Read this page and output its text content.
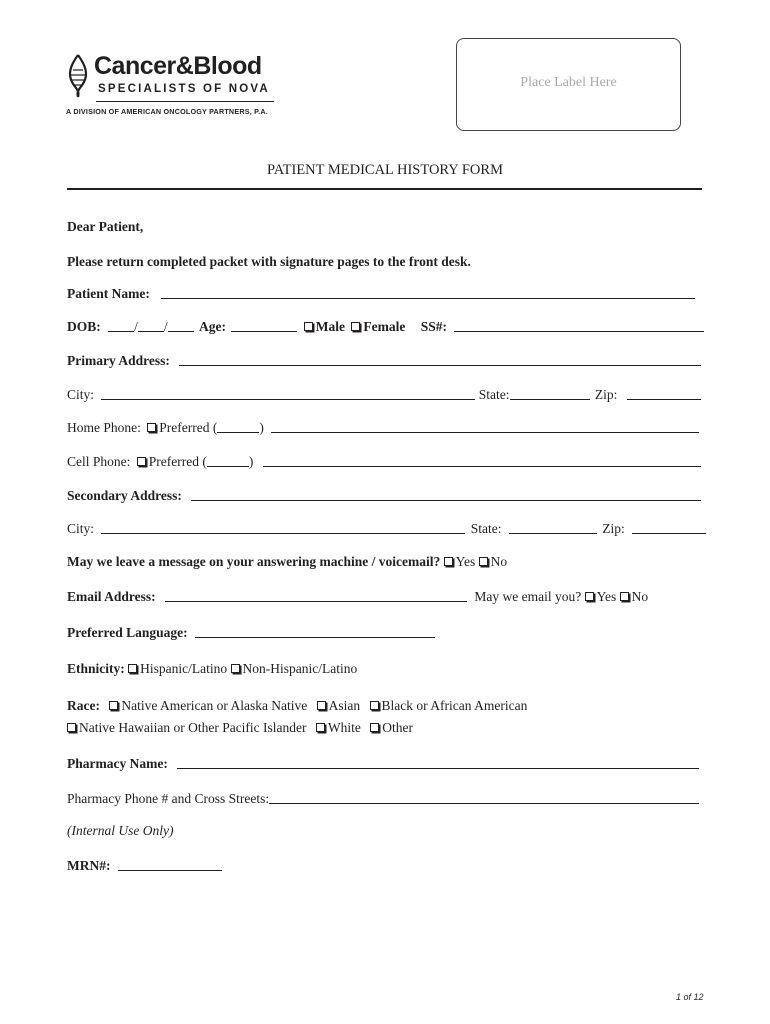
Cancer&Blood
SPECIALISTS OF NOVA
A DIVISION OF AMERICAN ONCOLOGY PARTNERS, P.A.
Place Label Here
PATIENT MEDICAL HISTORY FORM
Dear Patient,
Please return completed packet with signature pages to the front desk.
Patient Name:
DOB: / / Age:	Male Female SS#:
Primary Address:
City:	State:	Zip:
Home Phone: Preferred (	)
Cell Phone: Preferred (	)
Secondary Address:
City:	State:	Zip:
May we leave a message on your answering machine / voicemail? Yes No
Email Address:	May we email you? Yes No
Preferred Language:
Ethnicity: Hispanic/Latino Non-Hispanic/Latino
Race: Native American or Alaska Native Asian Black or African American
Native Hawaiian or Other Pacific Islander White Other
Pharmacy Name:
Pharmacy Phone # and Cross Streets:
(Internal Use Only)
MRN#:
1 of 12
